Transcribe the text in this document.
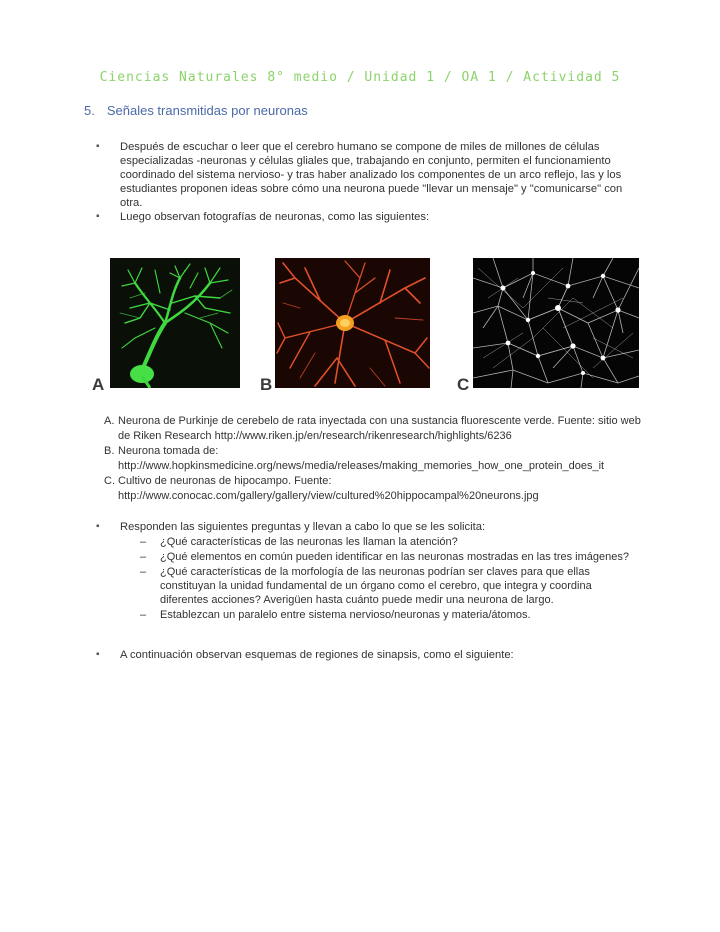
Ciencias Naturales 8° medio / Unidad 1 / OA 1 / Actividad 5
5. Señales transmitidas por neuronas
▪ Después de escuchar o leer que el cerebro humano se compone de miles de millones de células especializadas -neuronas y células gliales que, trabajando en conjunto, permiten el funcionamiento coordinado del sistema nervioso- y tras haber analizado los componentes de un arco reflejo, las y los estudiantes proponen ideas sobre cómo una neurona puede "llevar un mensaje" y "comunicarse" con otra.
▪ Luego observan fotografías de neuronas, como las siguientes:
A	B	C
A. Neurona de Purkinje de cerebelo de rata inyectada con una sustancia fluorescente verde. Fuente: sitio web de Riken Research http://www.riken.jp/en/research/rikenresearch/highlights/6236
B. Neurona tomada de: http://www.hopkinsmedicine.org/news/media/releases/making_memories_how_one_protein_does_it
C. Cultivo de neuronas de hipocampo. Fuente: http://www.conocac.com/gallery/gallery/view/cultured%20hippocampal%20neurons.jpg
▪ Responden las siguientes preguntas y llevan a cabo lo que se les solicita:
– ¿Qué características de las neuronas les llaman la atención?
– ¿Qué elementos en común pueden identificar en las neuronas mostradas en las tres imágenes?
– ¿Qué características de la morfología de las neuronas podrían ser claves para que ellas constituyan la unidad fundamental de un órgano como el cerebro, que integra y coordina diferentes acciones? Averigüen hasta cuánto puede medir una neurona de largo.
– Establezcan un paralelo entre sistema nervioso/neuronas y materia/átomos.
▪ A continuación observan esquemas de regiones de sinapsis, como el siguiente:
